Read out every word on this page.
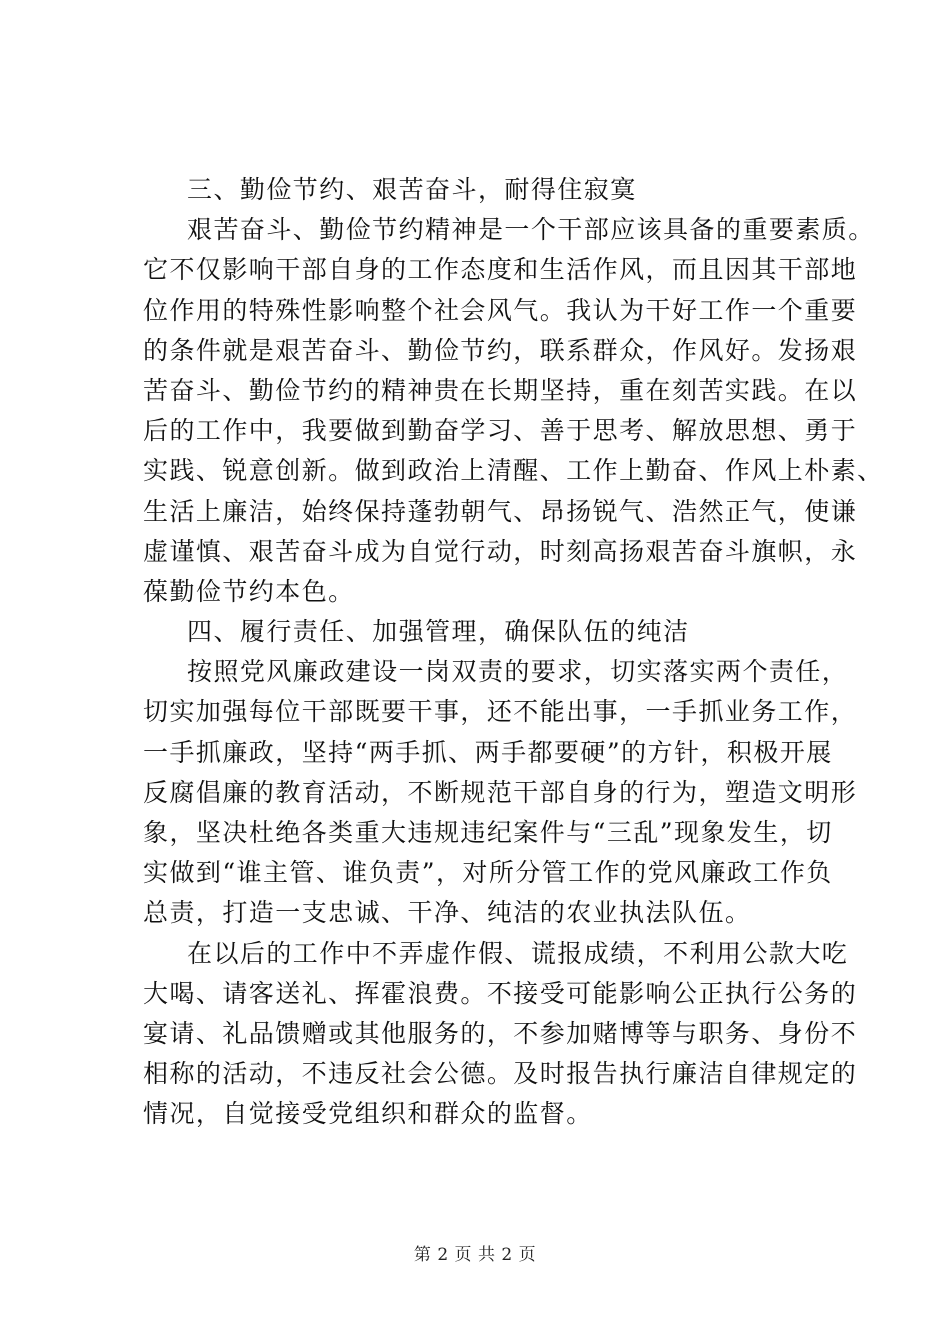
三、勤俭节约、艰苦奋斗，耐得住寂寞
艰苦奋斗、勤俭节约精神是一个干部应该具备的重要素质。
它不仅影响干部自身的工作态度和生活作风，而且因其干部地
位作用的特殊性影响整个社会风气。我认为干好工作一个重要
的条件就是艰苦奋斗、勤俭节约，联系群众，作风好。发扬艰
苦奋斗、勤俭节约的精神贵在长期坚持，重在刻苦实践。在以
后的工作中，我要做到勤奋学习、善于思考、解放思想、勇于
实践、锐意创新。做到政治上清醒、工作上勤奋、作风上朴素、
生活上廉洁，始终保持蓬勃朝气、昂扬锐气、浩然正气，使谦
虚谨慎、艰苦奋斗成为自觉行动，时刻高扬艰苦奋斗旗帜，永
葆勤俭节约本色。
四、履行责任、加强管理，确保队伍的纯洁
按照党风廉政建设一岗双责的要求，切实落实两个责任，
切实加强每位干部既要干事，还不能出事，一手抓业务工作，
一手抓廉政，坚持“两手抓、两手都要硬”的方针，积极开展
反腐倡廉的教育活动，不断规范干部自身的行为，塑造文明形
象，坚决杜绝各类重大违规违纪案件与“三乱”现象发生，切
实做到“谁主管、谁负责”，对所分管工作的党风廉政工作负
总责，打造一支忠诚、干净、纯洁的农业执法队伍。
在以后的工作中不弄虚作假、谎报成绩，不利用公款大吃
大喝、请客送礼、挥霍浪费。不接受可能影响公正执行公务的
宴请、礼品馈赠或其他服务的，不参加赌博等与职务、身份不
相称的活动，不违反社会公德。及时报告执行廉洁自律规定的
情况，自觉接受党组织和群众的监督。
第 2 页 共 2 页
